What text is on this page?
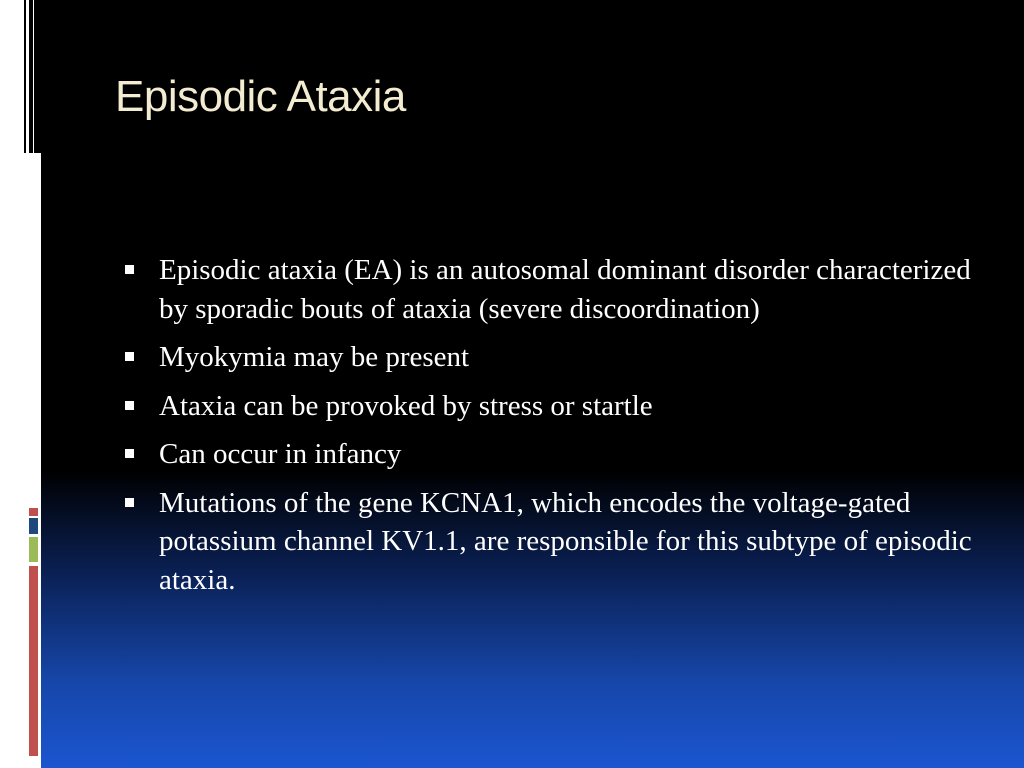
Episodic Ataxia
Episodic ataxia (EA) is an autosomal dominant disorder characterized by sporadic bouts of ataxia (severe discoordination)
Myokymia may be present
Ataxia can be provoked by stress or startle
Can occur in infancy
Mutations of the gene KCNA1, which encodes the voltage-gated potassium channel KV1.1, are responsible for this subtype of episodic ataxia.
